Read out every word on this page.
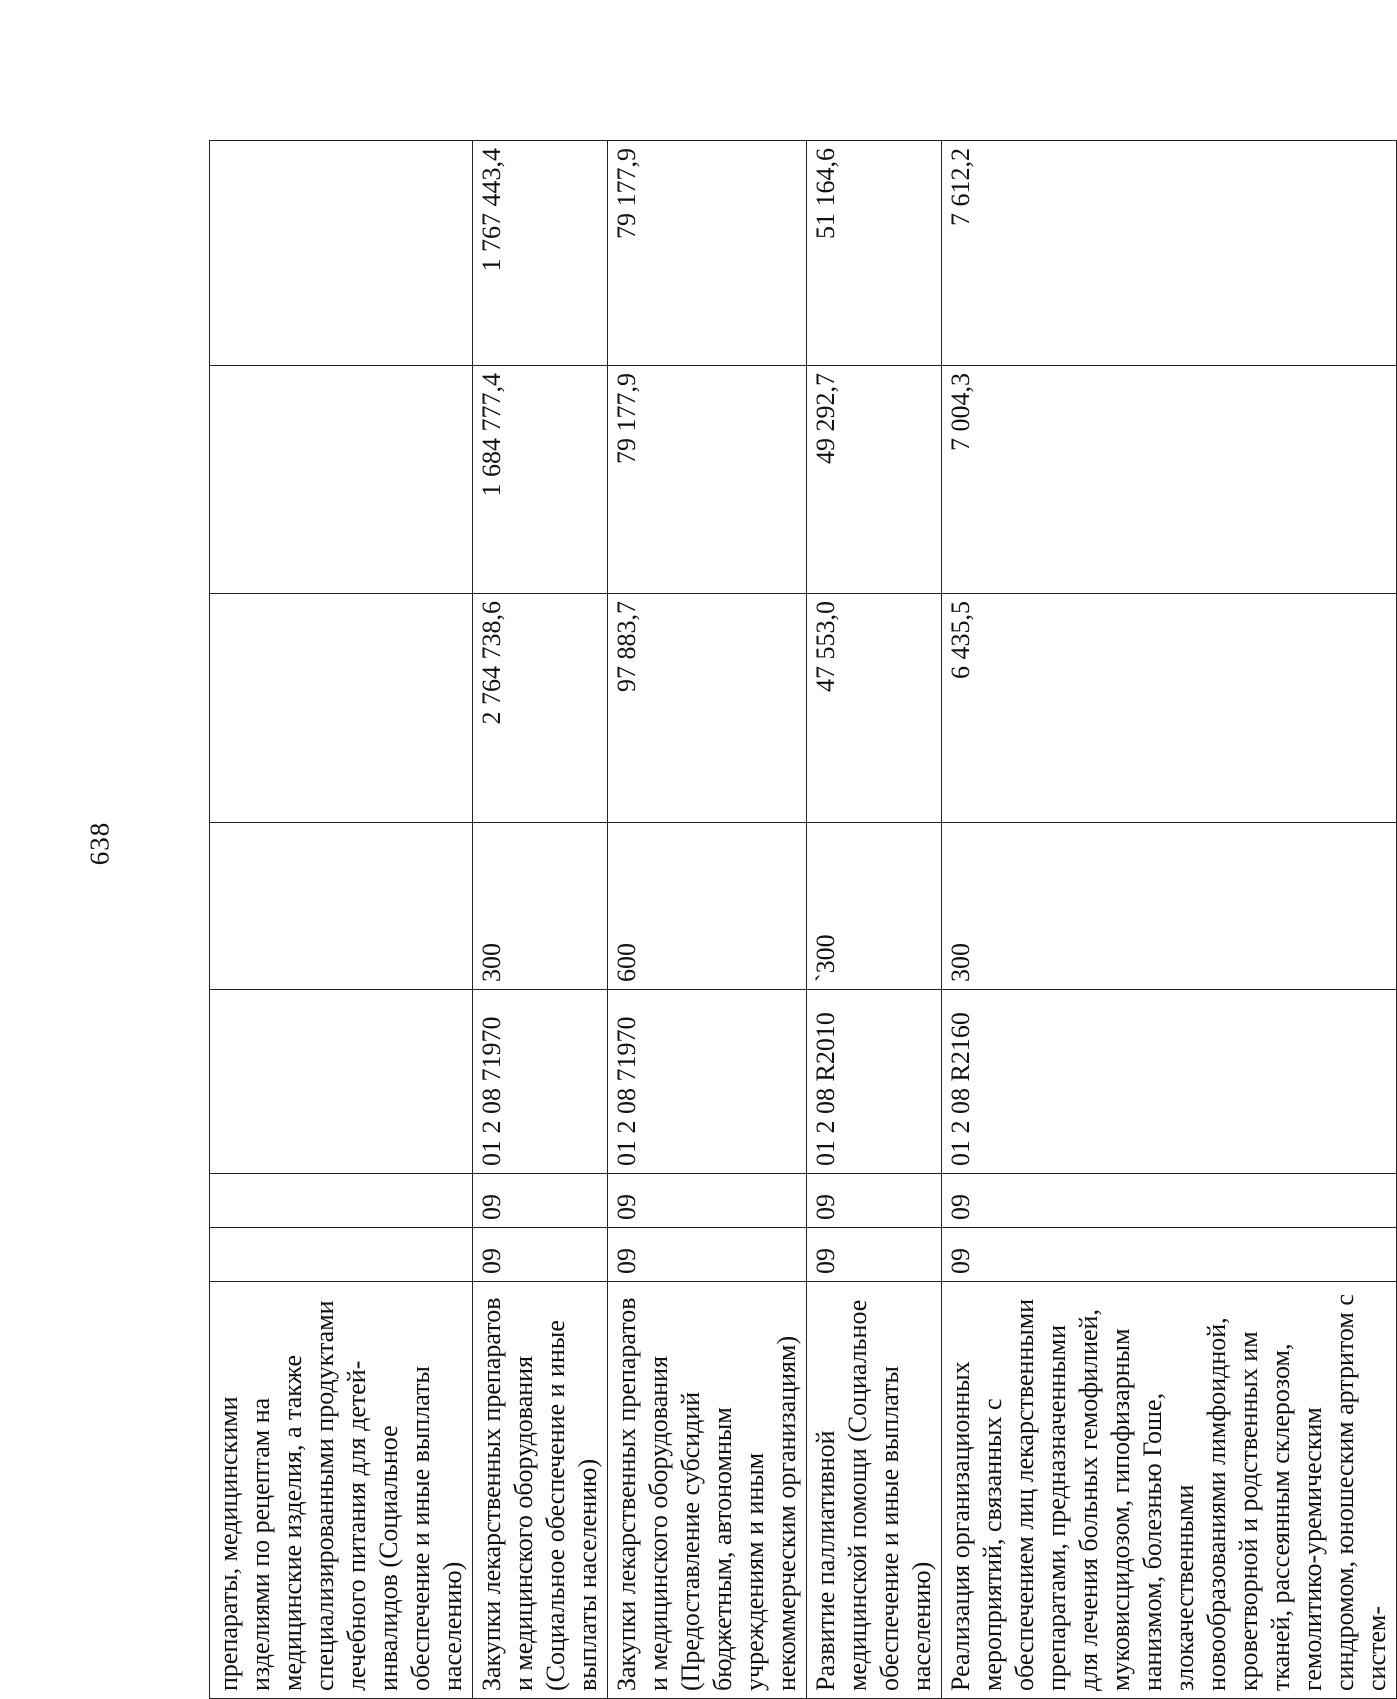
638
препараты, медицинскими изделиями по рецептам на медицинские изделия, а также специализированными продуктами лечебного питания для детей-инвалидов (Социальное обеспечение и иные выплаты населению)							
Закупки лекарственных препаратов и медицинского оборудования (Социальное обеспечение и иные выплаты населению)	09	09	01 2 08 71970	300	2 764 738,6	1 684 777,4	1 767 443,4
Закупки лекарственных препаратов и медицинского оборудования (Предоставление субсидий бюджетным, автономным учреждениям и иным некоммерческим организациям)	09	09	01 2 08 71970	600	97 883,7	79 177,9	79 177,9
Развитие паллиативной медицинской помощи (Социальное обеспечение и иные выплаты населению)	09	09	01 2 08 R2010	`300	47 553,0	49 292,7	51 164,6
Реализация организационных мероприятий, связанных с обеспечением лиц лекарственными препаратами, предназначенными для лечения больных гемофилией, муковисцидозом, гипофизарным нанизмом, болезнью Гоше, злокачественными новообразованиями лимфоидной, кроветворной и родственных им тканей, рассеянным склерозом, гемолитико-уремическим синдромом, юношеским артритом с систем-	09	09	01 2 08 R2160	300	6 435,5	7 004,3	7 612,2
